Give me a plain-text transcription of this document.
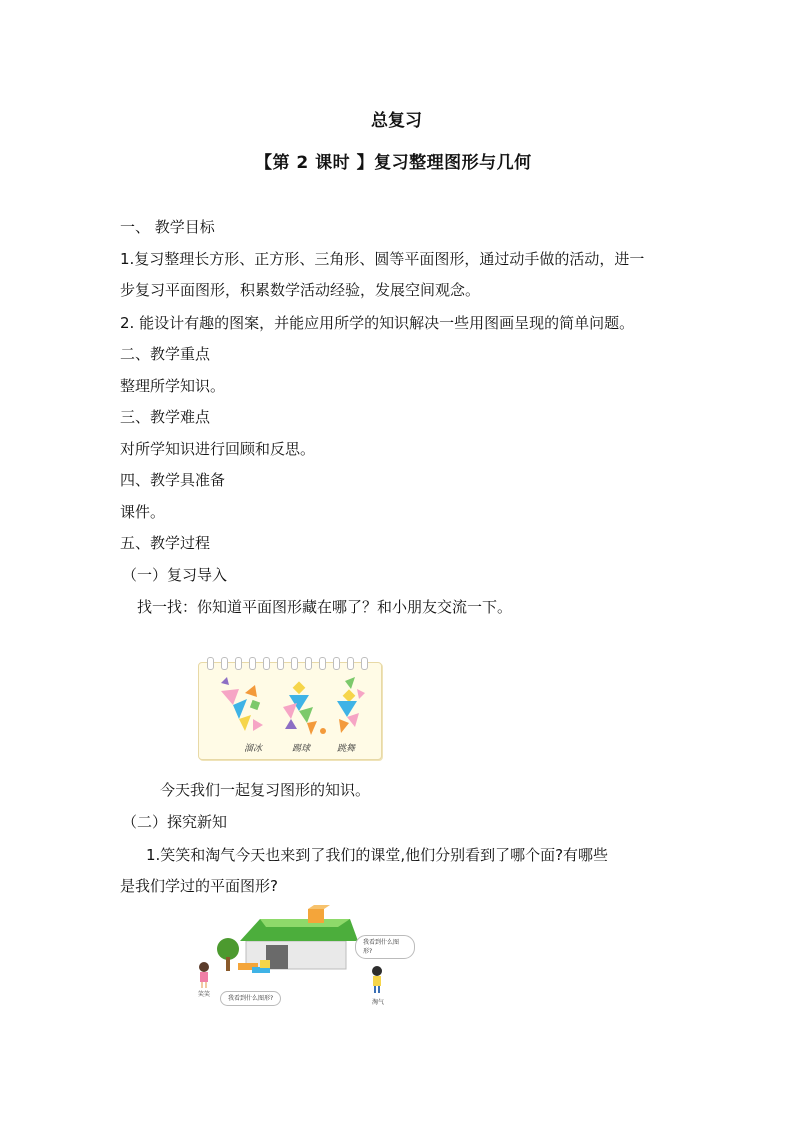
总复习
【第 2 课时 】复习整理图形与几何
一、 教学目标
1.复习整理长方形、正方形、三角形、圆等平面图形，通过动手做的活动，进一
步复习平面图形，积累数学活动经验，发展空间观念。
2. 能设计有趣的图案，并能应用所学的知识解决一些用图画呈现的简单问题。
二、教学重点
整理所学知识。
三、教学难点
对所学知识进行回顾和反思。
四、教学具准备
课件。
五、教学过程
（一）复习导入
找一找：你知道平面图形藏在哪了？和小朋友交流一下。
溜冰	踢球	跳舞
今天我们一起复习图形的知识。
（二）探究新知
1.笑笑和淘气今天也来到了我们的课堂,他们分别看到了哪个面?有哪些
是我们学过的平面图形?
我看到什么图形?
我看到什么图形?
笑笑
淘气
